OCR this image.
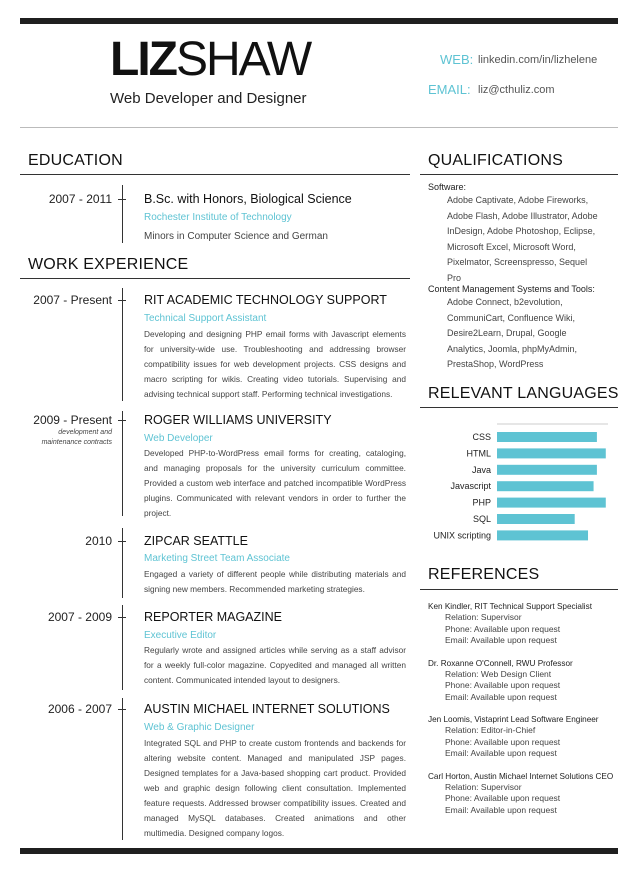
LIZSHAW
Web Developer and Designer
WEB: linkedin.com/in/lizhelene
EMAIL: liz@cthuliz.com
EDUCATION
2007 - 2011	B.Sc. with Honors, Biological Science
Rochester Institute of Technology
Minors in Computer Science and German
WORK EXPERIENCE
2007 - Present	RIT ACADEMIC TECHNOLOGY SUPPORT
Technical Support Assistant
Developing and designing PHP email forms with Javascript elements for university-wide use. Troubleshooting and addressing browser compatibility issues for web development projects. CSS designs and macro scripting for wikis. Creating video tutorials. Supervising and advising technical support staff. Performing technical investigations.
2009 - Present
development and maintenance contracts
ROGER WILLIAMS UNIVERSITY
Web Developer
Developed PHP-to-WordPress email forms for creating, cataloging, and managing proposals for the university curriculum committee. Provided a custom web interface and patched incompatible WordPress plugins. Communicated with relevant vendors in order to further the project.
2010	ZIPCAR SEATTLE
Marketing Street Team Associate
Engaged a variety of different people while distributing materials and signing new members. Recommended marketing strategies.
2007 - 2009	REPORTER MAGAZINE
Executive Editor
Regularly wrote and assigned articles while serving as a staff advisor for a weekly full-color magazine. Copyedited and managed all written content. Communicated intended layout to designers.
2006 - 2007	AUSTIN MICHAEL INTERNET SOLUTIONS
Web & Graphic Designer
Integrated SQL and PHP to create custom frontends and backends for altering website content. Managed and manipulated JSP pages. Designed templates for a Java-based shopping cart product. Provided web and graphic design following client consultation. Implemented feature requests. Addressed browser compatibility issues. Created and managed MySQL databases. Created animations and other multimedia. Designed company logos.
QUALIFICATIONS
Software:
Adobe Captivate, Adobe Fireworks,
Adobe Flash, Adobe Illustrator, Adobe
InDesign, Adobe Photoshop, Eclipse,
Microsoft Excel, Microsoft Word,
Pixelmator, Screenspresso, Sequel
Pro
Content Management Systems and Tools:
Adobe Connect, b2evolution,
CommuniCart, Confluence Wiki,
Desire2Learn, Drupal, Google
Analytics, Joomla, phpMyAdmin,
PrestaShop, WordPress
RELEVANT LANGUAGES
CSS
HTML
Java
Javascript
PHP
SQL
UNIX scripting
REFERENCES
Ken Kindler, RIT Technical Support Specialist
Relation: Supervisor
Phone: Available upon request
Email: Available upon request
Dr. Roxanne O'Connell, RWU Professor
Relation: Web Design Client
Phone: Available upon request
Email: Available upon request
Jen Loomis, Vistaprint Lead Software Engineer
Relation: Editor-in-Chief
Phone: Available upon request
Email: Available upon request
Carl Horton, Austin Michael Internet Solutions CEO
Relation: Supervisor
Phone: Available upon request
Email: Available upon request
